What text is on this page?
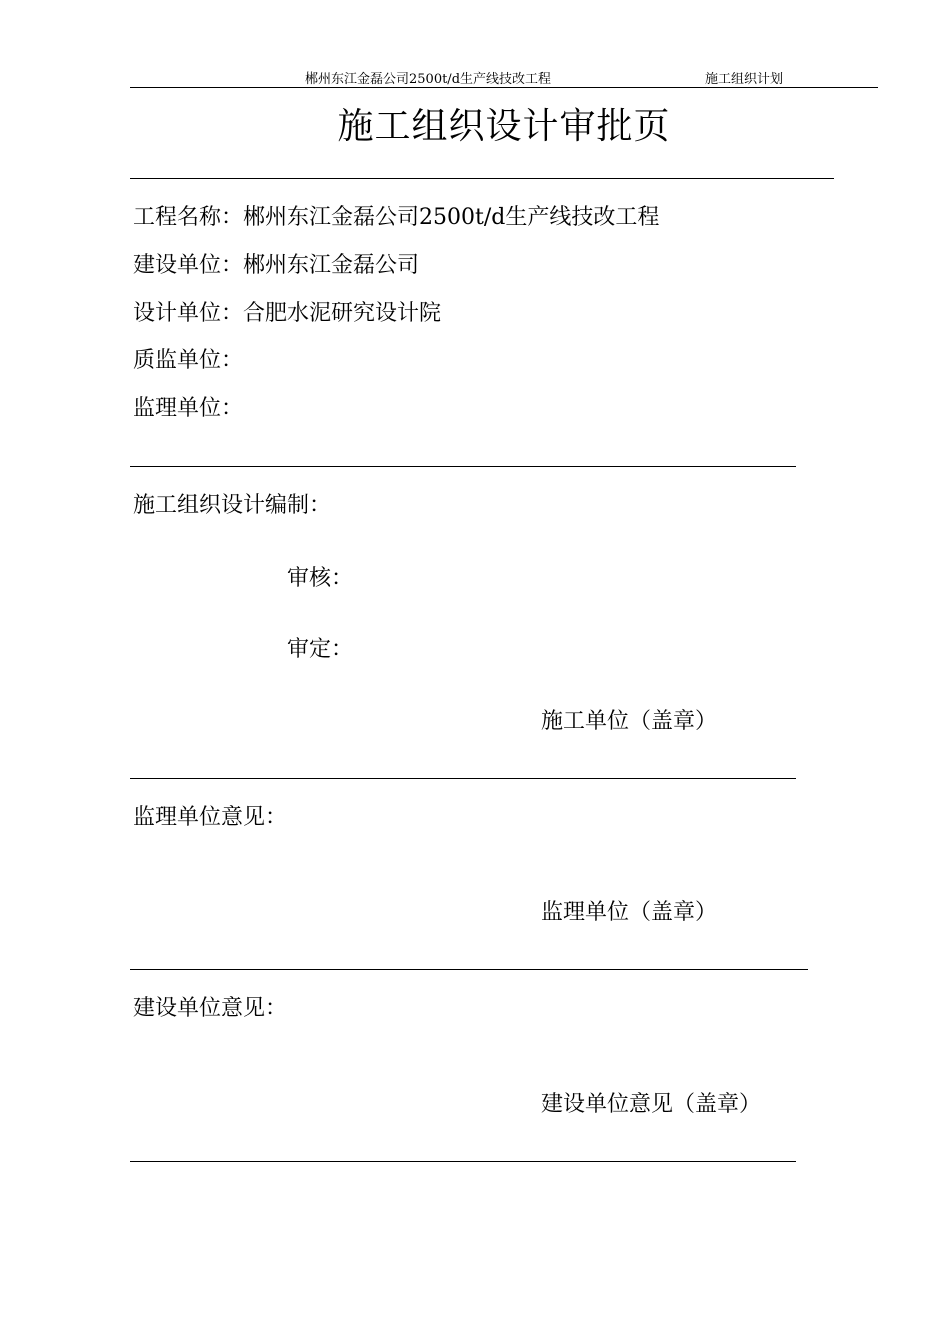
郴州东江金磊公司2500t/d生产线技改工程	施工组织计划
施工组织设计审批页
工程名称：郴州东江金磊公司2500t/d生产线技改工程
建设单位：郴州东江金磊公司
设计单位：合肥水泥研究设计院
质监单位：
监理单位：
施工组织设计编制：
审核：
审定：
施工单位（盖章）
监理单位意见：
监理单位（盖章）
建设单位意见：
建设单位意见（盖章）
